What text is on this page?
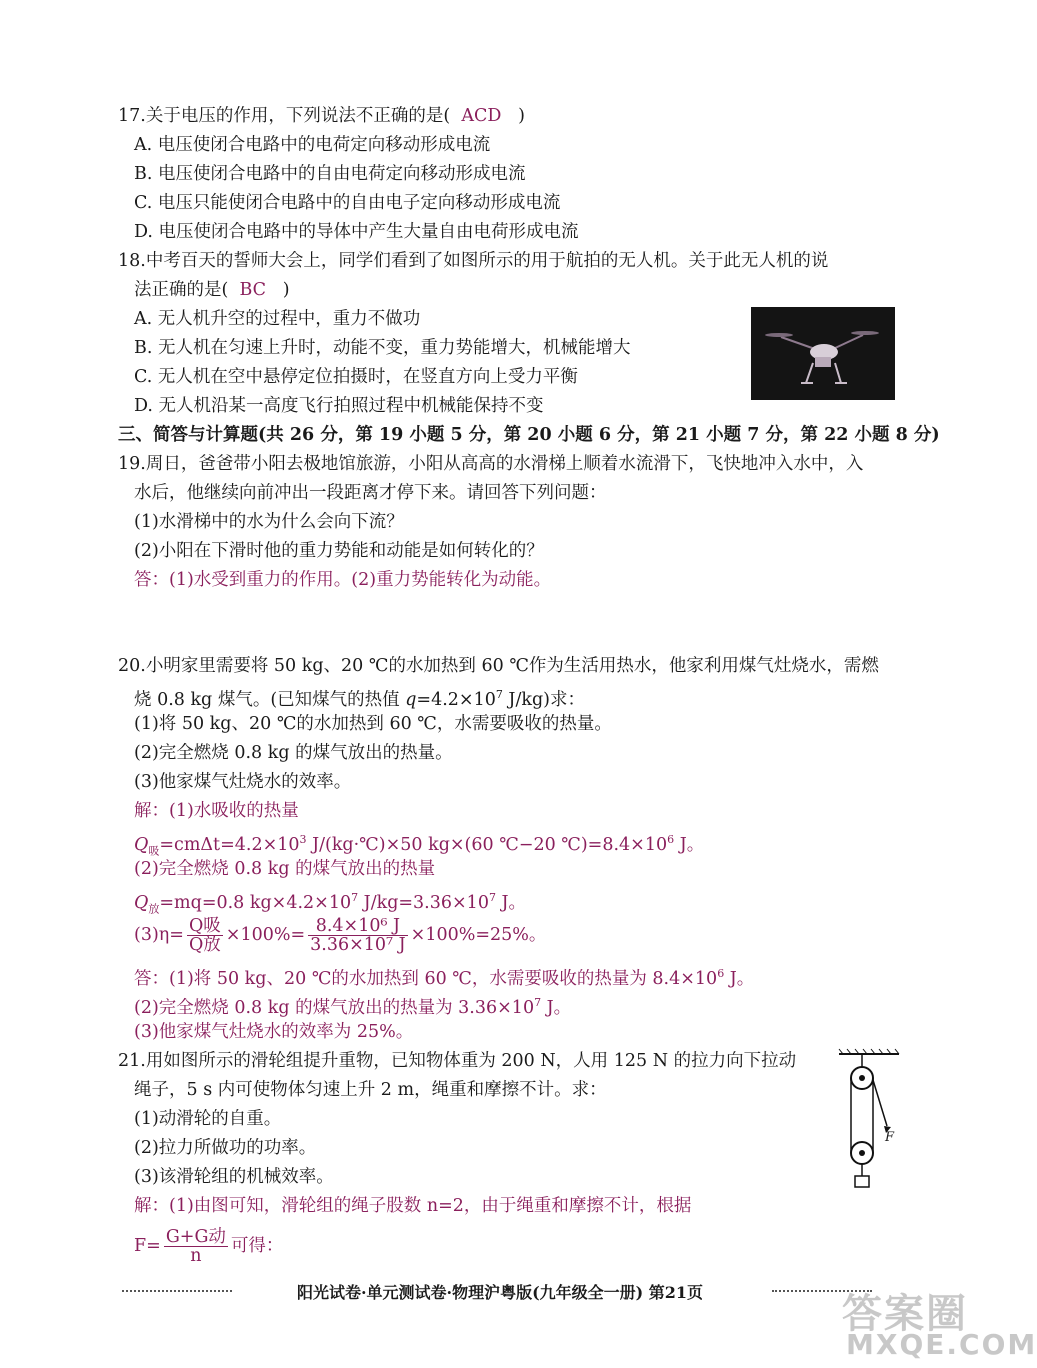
17.关于电压的作用，下列说法不正确的是( ACD )
A. 电压使闭合电路中的电荷定向移动形成电流
B. 电压使闭合电路中的自由电荷定向移动形成电流
C. 电压只能使闭合电路中的自由电子定向移动形成电流
D. 电压使闭合电路中的导体中产生大量自由电荷形成电流
18.中考百天的誓师大会上，同学们看到了如图所示的用于航拍的无人机。关于此无人机的说
法正确的是( BC )
A. 无人机升空的过程中，重力不做功
B. 无人机在匀速上升时，动能不变，重力势能增大，机械能增大
C. 无人机在空中悬停定位拍摄时，在竖直方向上受力平衡
D. 无人机沿某一高度飞行拍照过程中机械能保持不变
三、简答与计算题(共 26 分，第 19 小题 5 分，第 20 小题 6 分，第 21 小题 7 分，第 22 小题 8 分)
19.周日，爸爸带小阳去极地馆旅游，小阳从高高的水滑梯上顺着水流滑下，飞快地冲入水中，入
水后，他继续向前冲出一段距离才停下来。请回答下列问题：
(1)水滑梯中的水为什么会向下流？
(2)小阳在下滑时他的重力势能和动能是如何转化的？
答：(1)水受到重力的作用。(2)重力势能转化为动能。
20.小明家里需要将 50 kg、20 ℃的水加热到 60 ℃作为生活用热水，他家利用煤气灶烧水，需燃
烧 0.8 kg 煤气。(已知煤气的热值 $q=4.2\times 10^7$ J/kg)求：
(1)将 50 kg、20 ℃的水加热到 60 ℃，水需要吸收的热量。
(2)完全燃烧 0.8 kg 的煤气放出的热量。
(3)他家煤气灶烧水的效率。
解：(1)水吸收的热量
$Q_吸=cm\Delta t=4.2\times 10^3$ J/(kg·℃)×50 kg×(60 ℃−20 $℃)=8.4\times 10^6$ J。
(2)完全燃烧 0.8 kg 的煤气放出的热量
$Q_放=mq=0.8$ $kg\times 4.2\times 10^7$ $J/kg=3.36\times 10^7$ J。
$(3)\eta= \frac{\text{Q吸}}{\text{Q放}} \times 100\%= \frac{\text{8.4×10⁶ J}}{\text{3.36×10⁷ J}} \times 100\%=25\%$。
答：(1)将 50 kg、20 ℃的水加热到 60 ℃，水需要吸收的热量为 $8.4\times 10^6$ J。
(2)完全燃烧 0.8 kg 的煤气放出的热量为 $3.36\times 10^7$ J。
(3)他家煤气灶烧水的效率为 25%。
21.用如图所示的滑轮组提升重物，已知物体重为 200 N，人用 125 N 的拉力向下拉动
绳子，5 s 内可使物体匀速上升 2 m，绳重和摩擦不计。求：
(1)动滑轮的自重。
(2)拉力所做功的功率。
(3)该滑轮组的机械效率。
解：(1)由图可知，滑轮组的绳子股数 n=2，由于绳重和摩擦不计，根据
$F= \frac{\text{G+G动}}{n}$ 可得：
F
阳光试卷·单元测试卷·物理沪粤版(九年级全一册) 第21页	答案圈
MXQE.COM
